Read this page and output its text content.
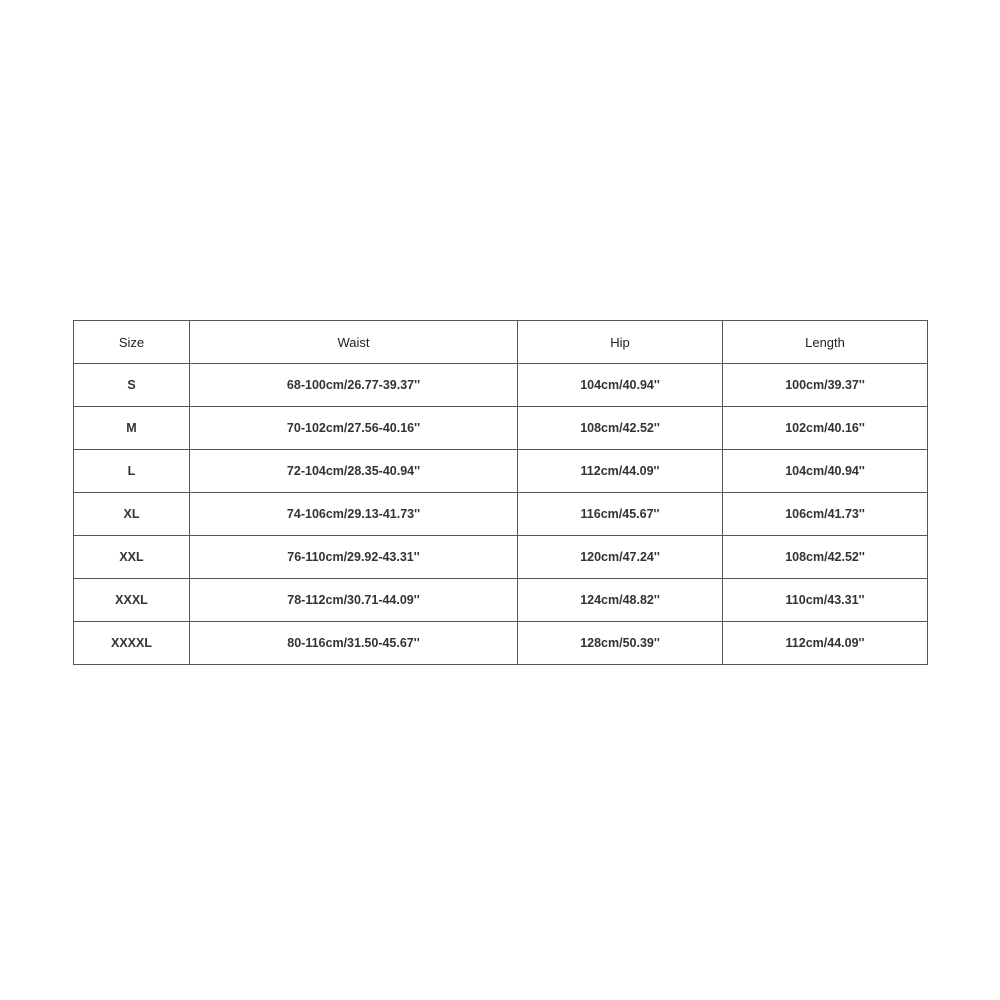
Size	Waist	Hip	Length
S	68-100cm/26.77-39.37''	104cm/40.94''	100cm/39.37''
M	70-102cm/27.56-40.16''	108cm/42.52''	102cm/40.16''
L	72-104cm/28.35-40.94''	112cm/44.09''	104cm/40.94''
XL	74-106cm/29.13-41.73''	116cm/45.67''	106cm/41.73''
XXL	76-110cm/29.92-43.31''	120cm/47.24''	108cm/42.52''
XXXL	78-112cm/30.71-44.09''	124cm/48.82''	110cm/43.31''
XXXXL	80-116cm/31.50-45.67''	128cm/50.39''	112cm/44.09''
